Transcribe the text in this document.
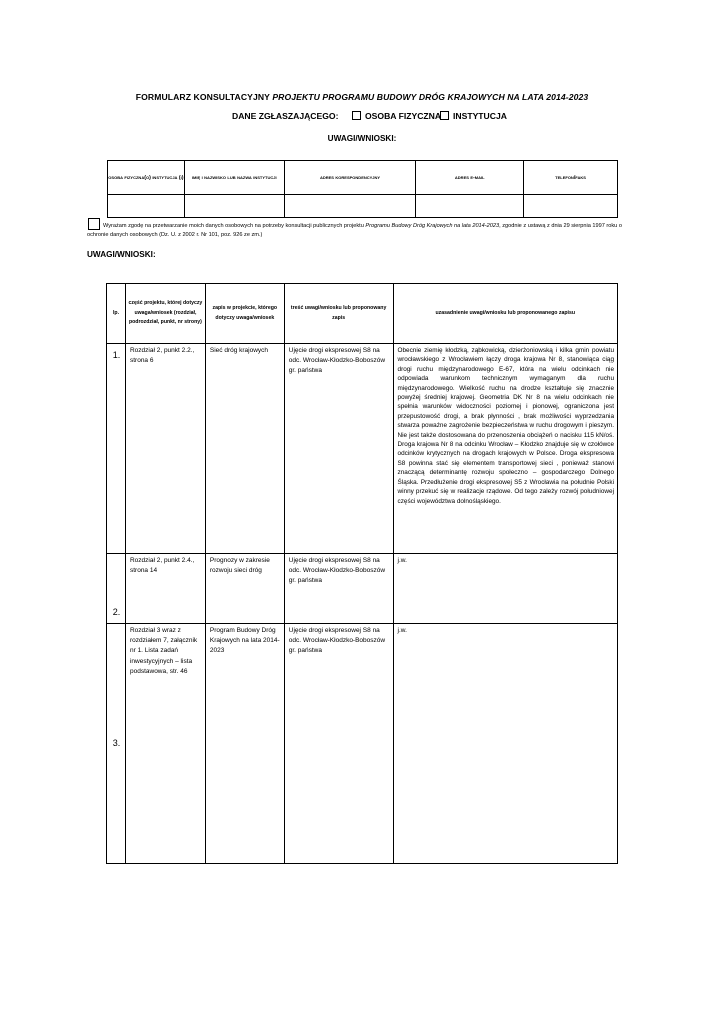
FORMULARZ KONSULTACYJNY PROJEKTU PROGRAMU BUDOWY DRÓG KRAJOWYCH NA LATA 2014-2023
DANE ZGŁASZAJĄCEGO:	OSOBA FIZYCZNA	INSTYTUCJA
UWAGI/WNIOSKI:
osoba fizyczna(o) instytucja (i)	imię i nazwisko lub nazwa instytucji	adres korespondencyjny	adres e-mail	telefon/faks

Wyrażam zgodę na przetwarzanie moich danych osobowych na potrzeby konsultacji publicznych projektu Programu Budowy Dróg Krajowych na lata 2014-2023, zgodnie z ustawą z dnia 29 sierpnia 1997 roku o ochronie danych osobowych (Dz. U. z 2002 r. Nr 101, poz. 926 ze zm.)
UWAGI/WNIOSKI:
lp.	część projektu, której dotyczy uwaga/wniosek (rozdział, podrozdział, punkt, nr strony)	zapis w projekcie, którego dotyczy uwaga/wniosek	treść uwagi/wniosku lub proponowany zapis	uzasadnienie uwagi/wniosku lub proponowanego zapisu
1.	Rozdział 2, punkt 2.2., strona 6	Sieć dróg krajowych	Ujęcie drogi ekspresowej S8 na odc. Wrocław-Kłodzko-Boboszów gr. państwa	Obecnie ziemię kłodzką, ząbkowicką, dzierżoniowską i kilka gmin powiatu wrocławskiego z Wrocławiem łączy droga krajowa Nr 8, stanowiąca ciąg drogi ruchu międzynarodowego E-67, która na wielu odcinkach nie odpowiada warunkom technicznym wymaganym dla ruchu międzynarodowego. Wielkość ruchu na drodze kształtuje się znacznie powyżej średniej krajowej. Geometria DK Nr 8 na wielu odcinkach nie spełnia warunków widoczności poziomej i pionowej, ograniczona jest przepustowość drogi, a brak płynności , brak możliwości wyprzedzania stwarza poważne zagrożenie bezpieczeństwa w ruchu drogowym i pieszym. Nie jest także dostosowana do przenoszenia obciążeń o nacisku 115 kN/oś. Droga krajowa Nr 8 na odcinku Wrocław – Kłodzko znajduje się w czołówce odcinków krytycznych na drogach krajowych w Polsce. Droga ekspresowa S8 powinna stać się elementem transportowej sieci , ponieważ stanowi znaczącą determinantę rozwoju społeczno – gospodarczego Dolnego Śląska. Przedłużenie drogi ekspresowej S5 z Wrocławia na południe Polski winny przekuć się w realizacje rządowe. Od tego zależy rozwój południowej części województwa dolnośląskiego.
2.	Rozdział 2, punkt 2.4., strona 14	Prognozy w zakresie rozwoju sieci dróg	Ujęcie drogi ekspresowej S8 na odc. Wrocław-Kłodzko-Boboszów gr. państwa	j.w.
3.	Rozdział 3 wraz z rozdziałem 7, załącznik nr 1. Lista zadań inwestycyjnych – lista podstawowa, str. 46	Program Budowy Dróg Krajowych na lata 2014-2023	Ujęcie drogi ekspresowej S8 na odc. Wrocław-Kłodzko-Boboszów gr. państwa	j.w.
